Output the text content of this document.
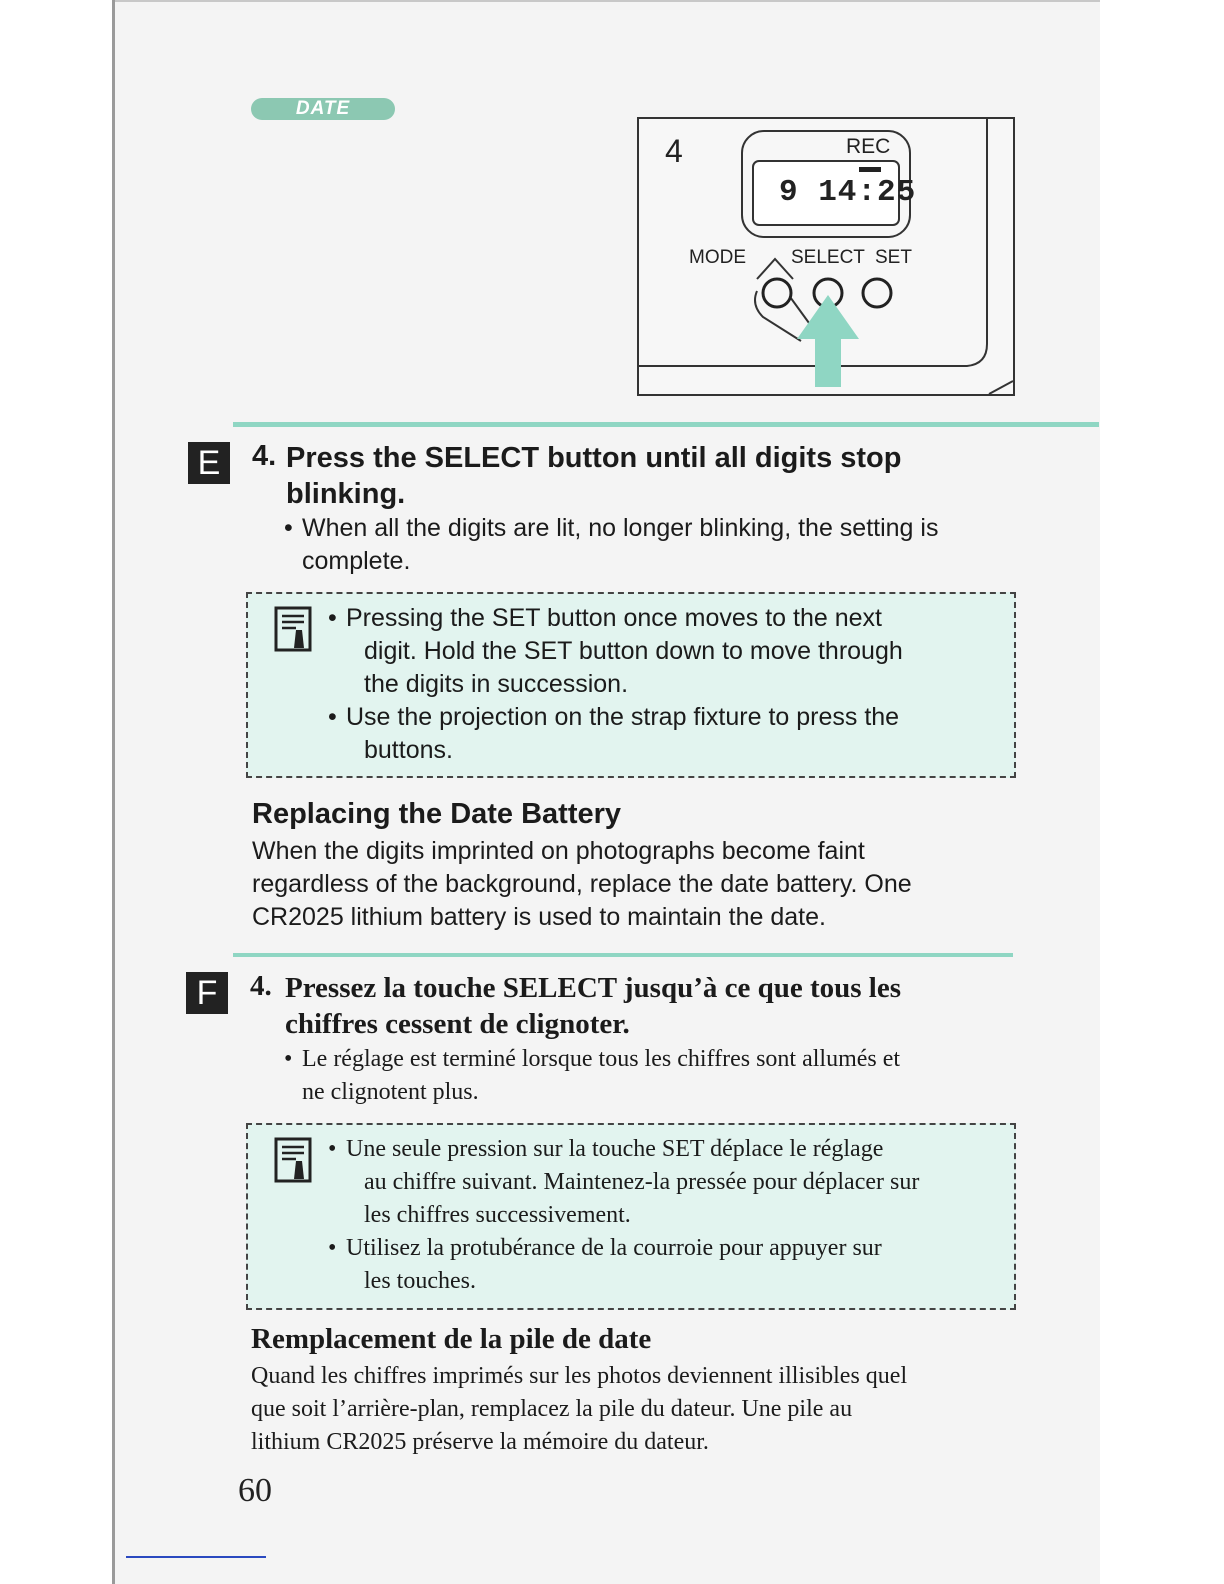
DATE
4	REC
9 14:25
MODE SELECT SET
E	4. Press the SELECT button until all digits stop
blinking.
• When all the digits are lit, no longer blinking, the setting is
complete.
• Pressing the SET button once moves to the next
digit. Hold the SET button down to move through
the digits in succession.
• Use the projection on the strap fixture to press the
buttons.
Replacing the Date Battery
When the digits imprinted on photographs become faint
regardless of the background, replace the date battery. One
CR2025 lithium battery is used to maintain the date.
F	4. Pressez la touche SELECT jusqu’à ce que tous les
chiffres cessent de clignoter.
• Le réglage est terminé lorsque tous les chiffres sont allumés et
ne clignotent plus.
• Une seule pression sur la touche SET déplace le réglage
au chiffre suivant. Maintenez-la pressée pour déplacer sur
les chiffres successivement.
• Utilisez la protubérance de la courroie pour appuyer sur
les touches.
Remplacement de la pile de date
Quand les chiffres imprimés sur les photos deviennent illisibles quel
que soit l’arrière-plan, remplacez la pile du dateur. Une pile au
lithium CR2025 préserve la mémoire du dateur.
60
